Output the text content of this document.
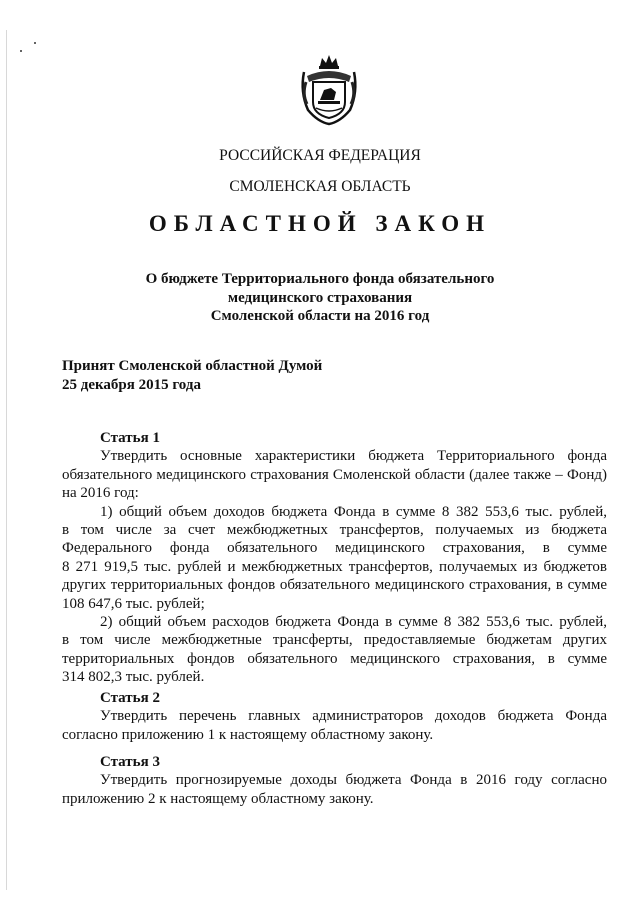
РОССИЙСКАЯ ФЕДЕРАЦИЯ

СМОЛЕНСКАЯ ОБЛАСТЬ

ОБЛАСТНОЙ ЗАКОН

О бюджете Территориального фонда обязательного
медицинского страхования
Смоленской области на 2016 год
Принят Смоленской областной Думой
25 декабря 2015 года
Статья 1

Утвердить основные характеристики бюджета Территориального фонда

обязательного медицинского страхования Смоленской области (далее также – Фонд)

на 2016 год:

1) общий объем доходов бюджета Фонда в сумме 8 382 553,6 тыс. рублей,

в том числе за счет межбюджетных трансфертов, получаемых из бюджета

Федерального фонда обязательного медицинского страхования, в сумме

8 271 919,5 тыс. рублей и межбюджетных трансфертов, получаемых из бюджетов

других территориальных фондов обязательного медицинского страхования, в сумме

108 647,6 тыс. рублей;

2) общий объем расходов бюджета Фонда в сумме 8 382 553,6 тыс. рублей,

в том числе межбюджетные трансферты, предоставляемые бюджетам других

территориальных фондов обязательного медицинского страхования, в сумме

314 802,3 тыс. рублей.

Статья 2

Утвердить перечень главных администраторов доходов бюджета Фонда

согласно приложению 1 к настоящему областному закону.

Статья 3

Утвердить прогнозируемые доходы бюджета Фонда в 2016 году согласно

приложению 2 к настоящему областному закону.
